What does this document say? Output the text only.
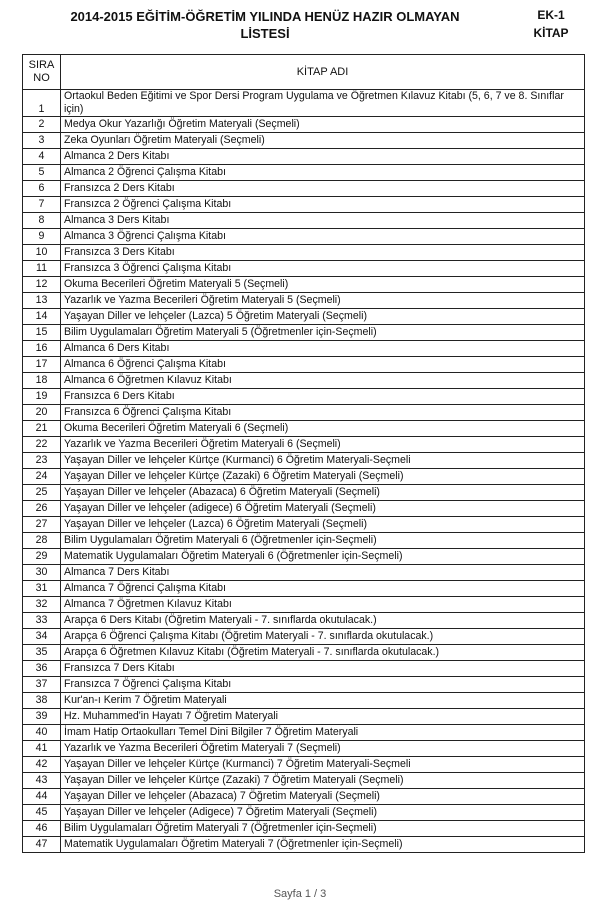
2014-2015 EĞİTİM-ÖĞRETİM YILINDA HENÜZ HAZIR OLMAYAN
LİSTESİ
EK-1
KİTAP
SIRA NO	KİTAP ADI
1	Ortaokul Beden Eğitimi ve Spor Dersi Program Uygulama ve Öğretmen Kılavuz Kitabı (5, 6, 7 ve 8. Sınıflar için)
2	Medya Okur Yazarlığı Öğretim Materyali (Seçmeli)
3	Zeka Oyunları Öğretim Materyali (Seçmeli)
4	Almanca 2 Ders Kitabı
5	Almanca 2 Öğrenci Çalışma Kitabı
6	Fransızca 2 Ders Kitabı
7	Fransızca 2 Öğrenci Çalışma Kitabı
8	Almanca 3 Ders Kitabı
9	Almanca 3 Öğrenci Çalışma Kitabı
10	Fransızca 3 Ders Kitabı
11	Fransızca 3 Öğrenci Çalışma Kitabı
12	Okuma Becerileri Öğretim Materyali 5 (Seçmeli)
13	Yazarlık ve Yazma Becerileri Öğretim Materyali 5 (Seçmeli)
14	Yaşayan Diller ve lehçeler (Lazca) 5 Öğretim Materyali (Seçmeli)
15	Bilim Uygulamaları Öğretim Materyali 5 (Öğretmenler için-Seçmeli)
16	Almanca 6 Ders Kitabı
17	Almanca 6 Öğrenci Çalışma Kitabı
18	Almanca 6 Öğretmen Kılavuz Kitabı
19	Fransızca 6 Ders Kitabı
20	Fransızca 6 Öğrenci Çalışma Kitabı
21	Okuma Becerileri Öğretim Materyali 6 (Seçmeli)
22	Yazarlık ve Yazma Becerileri Öğretim Materyali 6 (Seçmeli)
23	Yaşayan Diller ve lehçeler Kürtçe (Kurmanci) 6 Öğretim Materyali-Seçmeli
24	Yaşayan Diller ve lehçeler Kürtçe (Zazaki) 6 Öğretim Materyali (Seçmeli)
25	Yaşayan Diller ve lehçeler (Abazaca) 6 Öğretim Materyali (Seçmeli)
26	Yaşayan Diller ve lehçeler (adigece) 6 Öğretim Materyali (Seçmeli)
27	Yaşayan Diller ve lehçeler (Lazca) 6 Öğretim Materyali (Seçmeli)
28	Bilim Uygulamaları Öğretim Materyali 6 (Öğretmenler için-Seçmeli)
29	Matematik Uygulamaları Öğretim Materyali 6 (Öğretmenler için-Seçmeli)
30	Almanca 7 Ders Kitabı
31	Almanca 7 Öğrenci Çalışma Kitabı
32	Almanca 7 Öğretmen Kılavuz Kitabı
33	Arapça 6 Ders Kitabı (Öğretim Materyali - 7. sınıflarda okutulacak.)
34	Arapça 6 Öğrenci Çalışma Kitabı (Öğretim Materyali - 7. sınıflarda okutulacak.)
35	Arapça 6 Öğretmen Kılavuz Kitabı (Öğretim Materyali - 7. sınıflarda okutulacak.)
36	Fransızca 7 Ders Kitabı
37	Fransızca 7 Öğrenci Çalışma Kitabı
38	Kur'an-ı Kerim 7 Öğretim Materyali
39	Hz. Muhammed'in Hayatı 7 Öğretim Materyali
40	İmam Hatip Ortaokulları Temel Dini Bilgiler 7 Öğretim Materyali
41	Yazarlık ve Yazma Becerileri Öğretim Materyali 7 (Seçmeli)
42	Yaşayan Diller ve lehçeler Kürtçe (Kurmanci) 7 Öğretim Materyali-Seçmeli
43	Yaşayan Diller ve lehçeler Kürtçe (Zazaki) 7 Öğretim Materyali (Seçmeli)
44	Yaşayan Diller ve lehçeler (Abazaca) 7 Öğretim Materyali (Seçmeli)
45	Yaşayan Diller ve lehçeler (Adigece) 7 Öğretim Materyali (Seçmeli)
46	Bilim Uygulamaları Öğretim Materyali 7 (Öğretmenler için-Seçmeli)
47	Matematik Uygulamaları Öğretim Materyali 7 (Öğretmenler için-Seçmeli)
Sayfa 1 / 3
